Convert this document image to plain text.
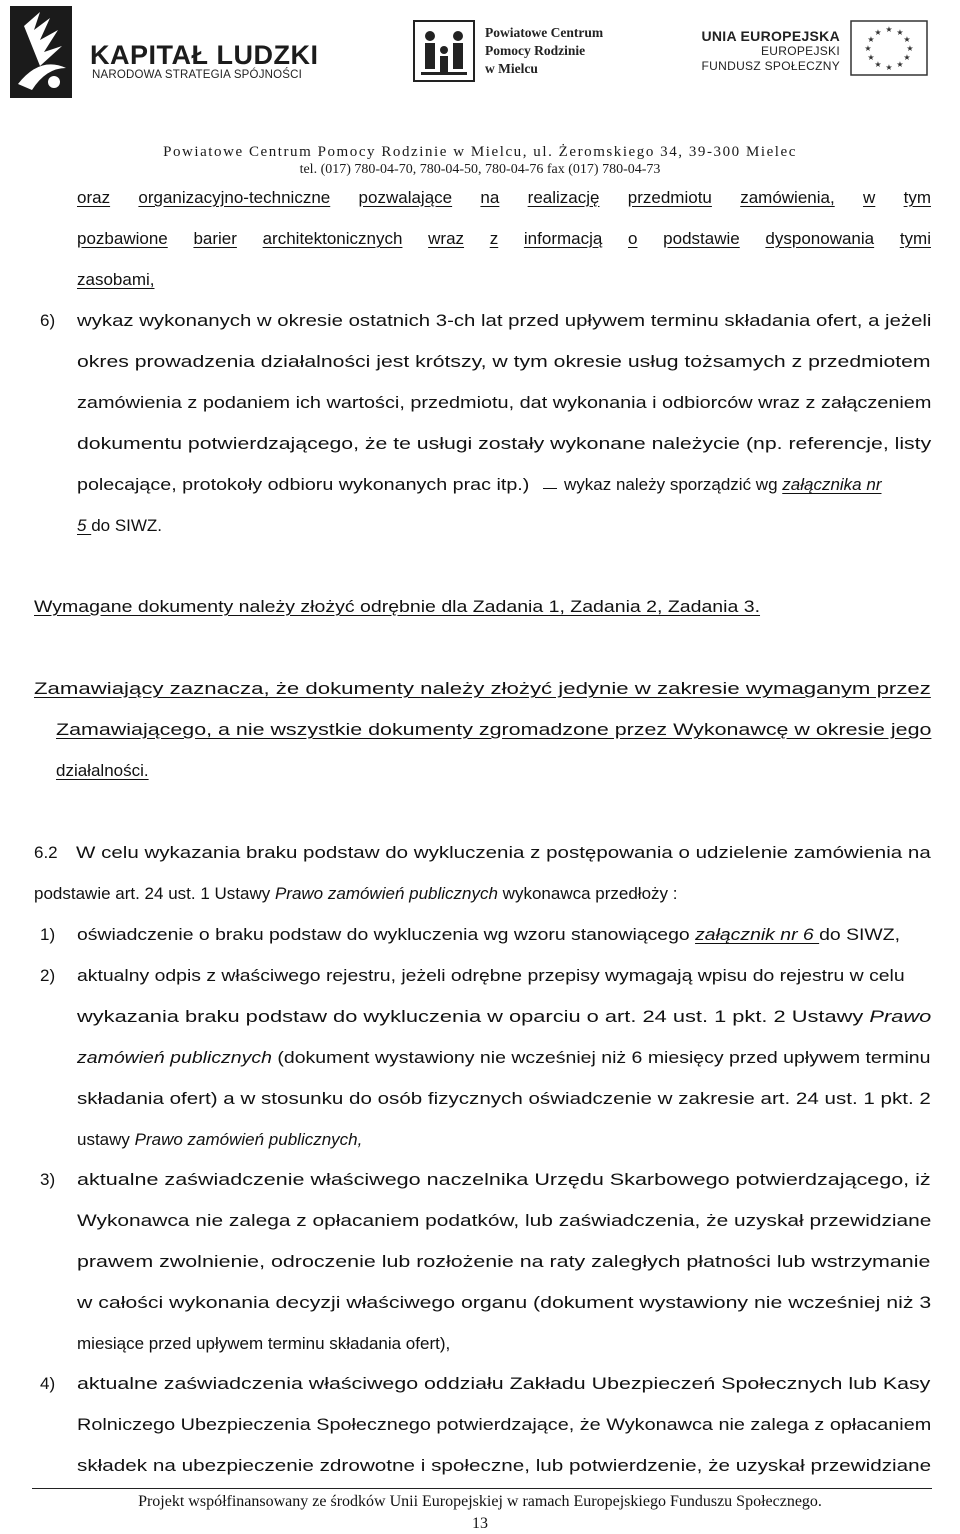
KAPITAŁ LUDZKI
NARODOWA STRATEGIA SPÓJNOŚCI
Powiatowe Centrum
Pomocy Rodzinie
w Mielcu
UNIA EUROPEJSKA
EUROPEJSKI
FUNDUSZ SPOŁECZNY
★ ★
★
★
★
★
★
★
★
★
★
★
Powiatowe Centrum Pomocy Rodzinie w Mielcu, ul. Żeromskiego 34, 39-300 Mielec
tel. (017) 780-04-70, 780-04-50, 780-04-76 fax (017) 780-04-73
oraz organizacyjno-techniczne pozwalające na realizację przedmiotu zamówienia, w tym
pozbawione barier architektonicznych wraz z informacją o podstawie dysponowania tymi
zasobami,
6) wykaz wykonanych w okresie ostatnich 3-ch lat przed upływem terminu składania ofert, a jeżeli
okres prowadzenia działalności jest krótszy, w tym okresie usług tożsamych z przedmiotem
zamówienia z podaniem ich wartości, przedmiotu, dat wykonania i odbiorców wraz z załączeniem
dokumentu potwierdzającego, że te usługi zostały wykonane należycie (np. referencje, listy
polecające, protokoły odbioru wykonanych prac itp.) wykaz należy sporządzić wg załącznika nr
5 do SIWZ.
Wymagane dokumenty należy złożyć odrębnie dla Zadania 1, Zadania 2, Zadania 3.
Zamawiający zaznacza, że dokumenty należy złożyć jedynie w zakresie wymaganym przez
Zamawiającego, a nie wszystkie dokumenty zgromadzone przez Wykonawcę w okresie jego
działalności.
6.2 W celu wykazania braku podstaw do wykluczenia z postępowania o udzielenie zamówienia na
podstawie art. 24 ust. 1 Ustawy Prawo zamówień publicznych wykonawca przedłoży :
1) oświadczenie o braku podstaw do wykluczenia wg wzoru stanowiącego załącznik nr 6 do SIWZ,
2) aktualny odpis z właściwego rejestru, jeżeli odrębne przepisy wymagają wpisu do rejestru w celu
wykazania braku podstaw do wykluczenia w oparciu o art. 24 ust. 1 pkt. 2 Ustawy Prawo
zamówień publicznych (dokument wystawiony nie wcześniej niż 6 miesięcy przed upływem terminu
składania ofert) a w stosunku do osób fizycznych oświadczenie w zakresie art. 24 ust. 1 pkt. 2
ustawy Prawo zamówień publicznych,
3) aktualne zaświadczenie właściwego naczelnika Urzędu Skarbowego potwierdzającego, iż
Wykonawca nie zalega z opłacaniem podatków, lub zaświadczenia, że uzyskał przewidziane
prawem zwolnienie, odroczenie lub rozłożenie na raty zaległych płatności lub wstrzymanie
w całości wykonania decyzji właściwego organu (dokument wystawiony nie wcześniej niż 3
miesiące przed upływem terminu składania ofert),
4) aktualne zaświadczenia właściwego oddziału Zakładu Ubezpieczeń Społecznych lub Kasy
Rolniczego Ubezpieczenia Społecznego potwierdzające, że Wykonawca nie zalega z opłacaniem
składek na ubezpieczenie zdrowotne i społeczne, lub potwierdzenie, że uzyskał przewidziane
Projekt współfinansowany ze środków Unii Europejskiej w ramach Europejskiego Funduszu Społecznego.
13
